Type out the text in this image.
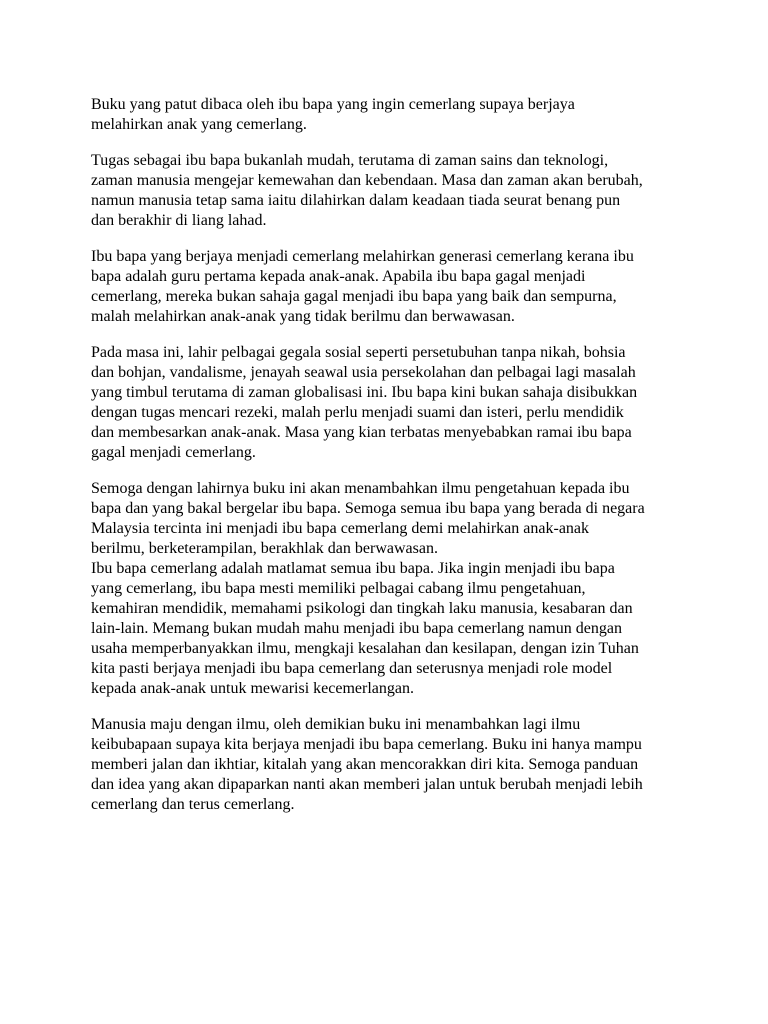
Buku yang patut dibaca oleh ibu bapa yang ingin cemerlang supaya berjaya
melahirkan anak yang cemerlang.
Tugas sebagai ibu bapa bukanlah mudah, terutama di zaman sains dan teknologi,
zaman manusia mengejar kemewahan dan kebendaan. Masa dan zaman akan berubah,
namun manusia tetap sama iaitu dilahirkan dalam keadaan tiada seurat benang pun
dan berakhir di liang lahad.
Ibu bapa yang berjaya menjadi cemerlang melahirkan generasi cemerlang kerana ibu
bapa adalah guru pertama kepada anak-anak. Apabila ibu bapa gagal menjadi
cemerlang, mereka bukan sahaja gagal menjadi ibu bapa yang baik dan sempurna,
malah melahirkan anak-anak yang tidak berilmu dan berwawasan.
Pada masa ini, lahir pelbagai gegala sosial seperti persetubuhan tanpa nikah, bohsia
dan bohjan, vandalisme, jenayah seawal usia persekolahan dan pelbagai lagi masalah
yang timbul terutama di zaman globalisasi ini. Ibu bapa kini bukan sahaja disibukkan
dengan tugas mencari rezeki, malah perlu menjadi suami dan isteri, perlu mendidik
dan membesarkan anak-anak. Masa yang kian terbatas menyebabkan ramai ibu bapa
gagal menjadi cemerlang.
Semoga dengan lahirnya buku ini akan menambahkan ilmu pengetahuan kepada ibu
bapa dan yang bakal bergelar ibu bapa. Semoga semua ibu bapa yang berada di negara
Malaysia tercinta ini menjadi ibu bapa cemerlang demi melahirkan anak-anak
berilmu, berketerampilan, berakhlak dan berwawasan.
Ibu bapa cemerlang adalah matlamat semua ibu bapa. Jika ingin menjadi ibu bapa
yang cemerlang, ibu bapa mesti memiliki pelbagai cabang ilmu pengetahuan,
kemahiran mendidik, memahami psikologi dan tingkah laku manusia, kesabaran dan
lain-lain. Memang bukan mudah mahu menjadi ibu bapa cemerlang namun dengan
usaha memperbanyakkan ilmu, mengkaji kesalahan dan kesilapan, dengan izin Tuhan
kita pasti berjaya menjadi ibu bapa cemerlang dan seterusnya menjadi role model
kepada anak-anak untuk mewarisi kecemerlangan.
Manusia maju dengan ilmu, oleh demikian buku ini menambahkan lagi ilmu
keibubapaan supaya kita berjaya menjadi ibu bapa cemerlang. Buku ini hanya mampu
memberi jalan dan ikhtiar, kitalah yang akan mencorakkan diri kita. Semoga panduan
dan idea yang akan dipaparkan nanti akan memberi jalan untuk berubah menjadi lebih
cemerlang dan terus cemerlang.
